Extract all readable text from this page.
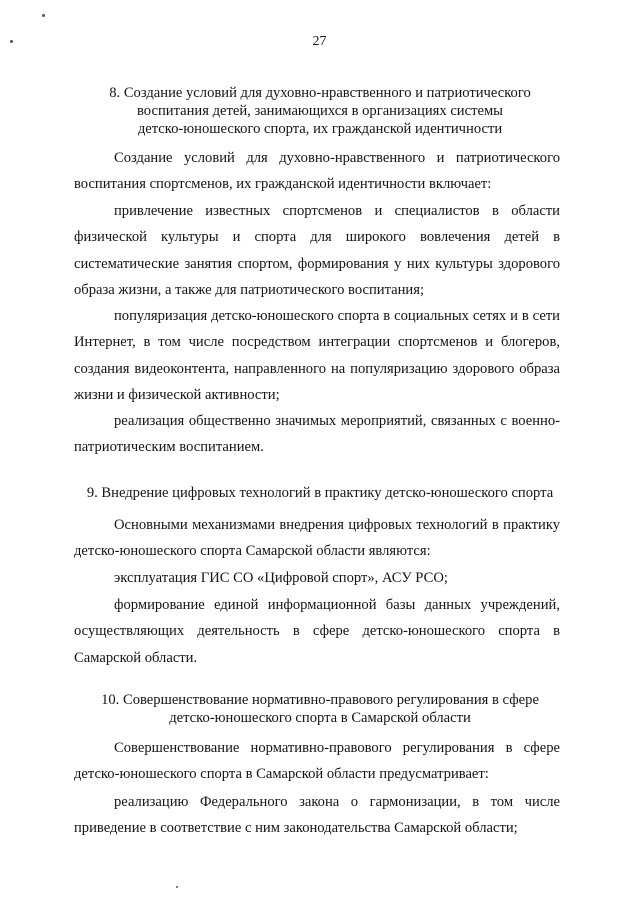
27
8. Создание условий для духовно-нравственного и патриотического
воспитания детей, занимающихся в организациях системы
детско-юношеского спорта, их гражданской идентичности

Создание условий для духовно-нравственного и патриотического воспитания спортсменов, их гражданской идентичности включает:

привлечение известных спортсменов и специалистов в области физической культуры и спорта для широкого вовлечения детей в систематические занятия спортом, формирования у них культуры здорового образа жизни, а также для патриотического воспитания;

популяризация детско-юношеского спорта в социальных сетях и в сети Интернет, в том числе посредством интеграции спортсменов и блогеров, создания видеоконтента, направленного на популяризацию здорового образа жизни и физической активности;

реализация общественно значимых мероприятий, связанных с военно-патриотическим воспитанием.

9. Внедрение цифровых технологий в практику детско-юношеского спорта

Основными механизмами внедрения цифровых технологий в практику детско-юношеского спорта Самарской области являются:

эксплуатация ГИС СО «Цифровой спорт», АСУ РСО;

формирование единой информационной базы данных учреждений, осуществляющих деятельность в сфере детско-юношеского спорта в Самарской области.

10. Совершенствование нормативно-правового регулирования в сфере
детско-юношеского спорта в Самарской области

Совершенствование нормативно-правового регулирования в сфере детско-юношеского спорта в Самарской области предусматривает:

реализацию Федерального закона о гармонизации, в том числе приведение в соответствие с ним законодательства Самарской области;
